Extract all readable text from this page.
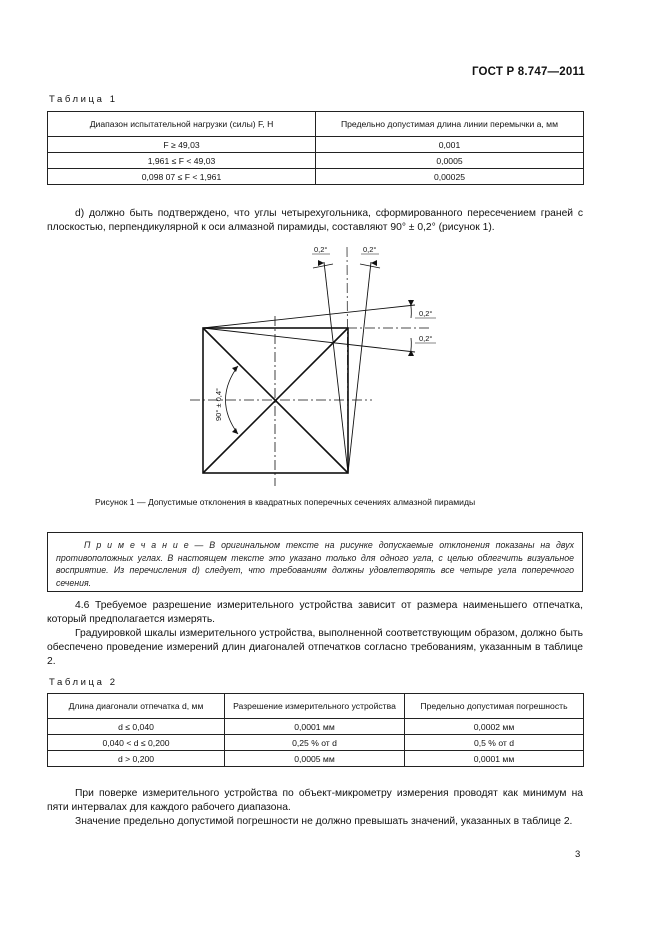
ГОСТ Р 8.747—2011
Таблица 1
Диапазон испытательной нагрузки (силы) F, Н	Предельно допустимая длина линии перемычки a, мм
F ≥ 49,03	0,001
1,961 ≤ F < 49,03	0,0005
0,098 07 ≤ F < 1,961	0,00025
d) должно быть подтверждено, что углы четырехугольника, сформированного пересечением граней с плоскостью, перпендикулярной к оси алмазной пирамиды, составляют 90° ± 0,2° (рисунок 1).
0,2°	0,2°
0,2°
0,2°
90° ± 0,4°
Рисунок 1 — Допустимые отклонения в квадратных поперечных сечениях алмазной пирамиды
П р и м е ч а н и е — В оригинальном тексте на рисунке допускаемые отклонения показаны на двух противоположных углах. В настоящем тексте это указано только для одного угла, с целью облегчить визуальное восприятие. Из перечисления d) следует, что требованиям должны удовлетворять все четыре угла поперечного сечения.
4.6 Требуемое разрешение измерительного устройства зависит от размера наименьшего отпечатка, который предполагается измерять.
Градуировкой шкалы измерительного устройства, выполненной соответствующим образом, должно быть обеспечено проведение измерений длин диагоналей отпечатков согласно требованиям, указанным в таблице 2.
Таблица 2
Длина диагонали отпечатка d, мм	Разрешение измерительного устройства	Предельно допустимая погрешность
d ≤ 0,040	0,0001 мм	0,0002 мм
0,040 < d ≤ 0,200	0,25 % от d	0,5 % от d
d > 0,200	0,0005 мм	0,0001 мм
При поверке измерительного устройства по объект-микрометру измерения проводят как минимум на пяти интервалах для каждого рабочего диапазона.
Значение предельно допустимой погрешности не должно превышать значений, указанных в таблице 2.
3
